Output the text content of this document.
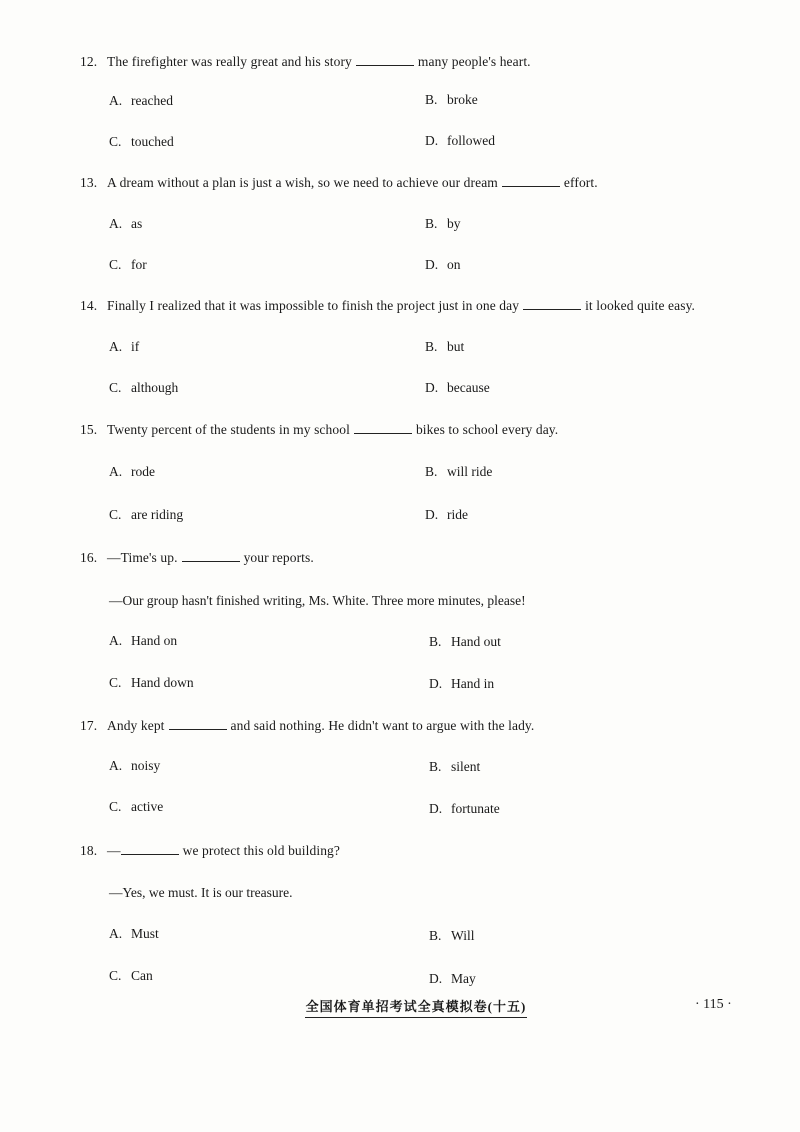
12. The firefighter was really great and his story	many people's heart.
A. reached	B. broke
C. touched	D. followed
13. A dream without a plan is just a wish, so we need to achieve our dream	effort.
A. as	B. by
C. for	D. on
14. Finally I realized that it was impossible to finish the project just in one day	it looked quite easy.
A. if	B. but
C. although	D. because
15. Twenty percent of the students in my school	bikes to school every day.
A. rode	B. will ride
C. are riding	D. ride
16. —Time's up.	your reports.
—Our group hasn't finished writing, Ms. White. Three more minutes, please!
A. Hand on	B. Hand out
C. Hand down	D. Hand in
17. Andy kept	and said nothing. He didn't want to argue with the lady.
A. noisy	B. silent
C. active	D. fortunate
18. —	we protect this old building?
—Yes, we must. It is our treasure.
A. Must	B. Will
C. Can	D. May
全国体育单招考试全真模拟卷(十五)	· 115 ·
